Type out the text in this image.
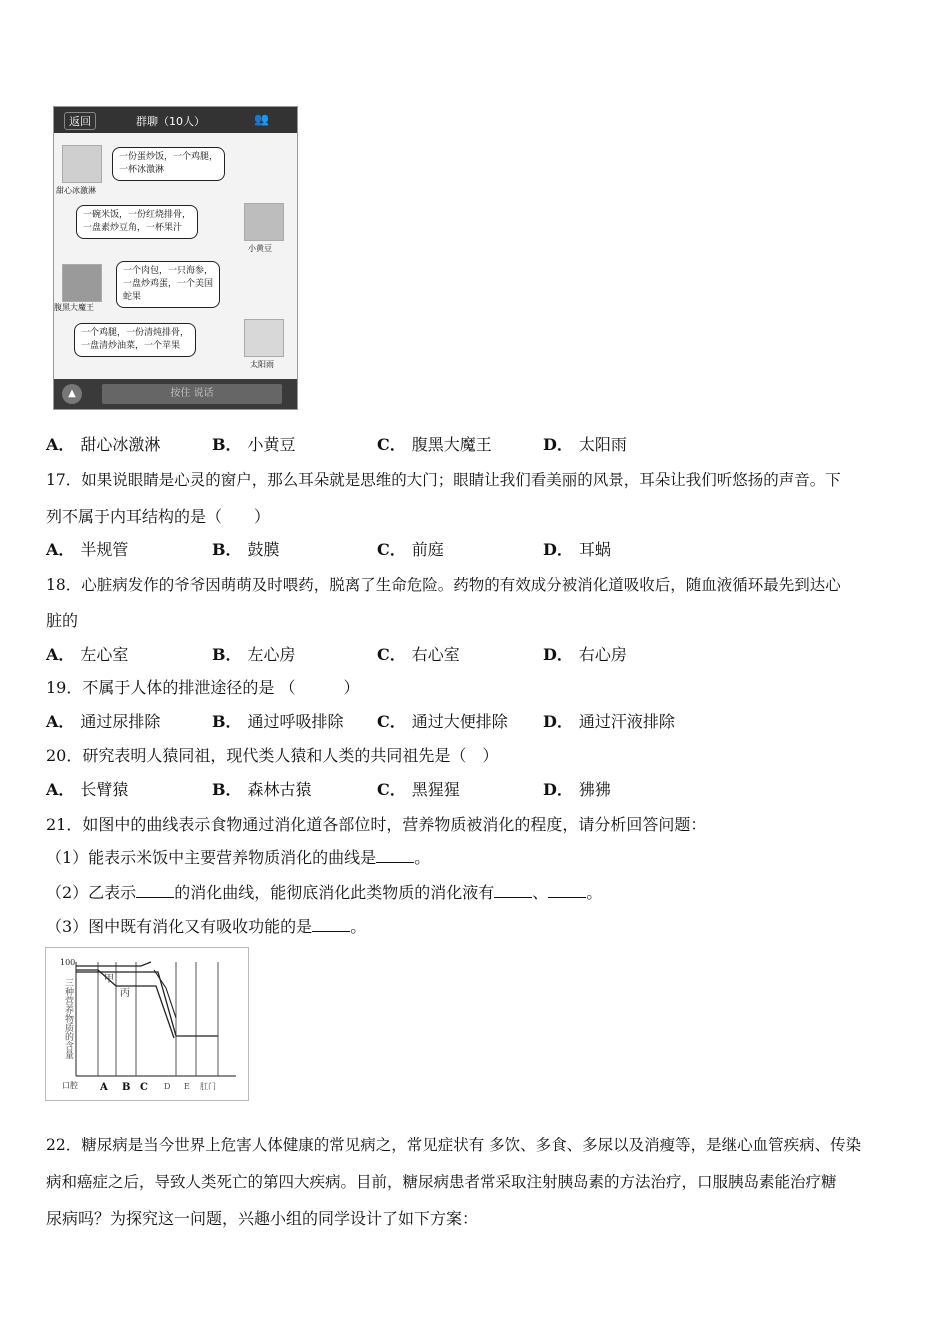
返回	群聊（10人）	👥
甜心冰激淋
一份蛋炒饭，一个鸡腿，
一杯冰激淋
一碗米饭，一份红烧排骨，
一盘素炒豆角，一杯果汁
小黄豆
腹黑大魔王
一个肉包，一只海参，
一盘炒鸡蛋，一个美国
蛇果
一个鸡腿，一份清炖排骨，
一盘清炒油菜，一个苹果
太阳雨
▲	按住 说话
A． 甜心冰激淋	B． 小黄豆	C． 腹黑大魔王	D． 太阳雨
17．如果说眼睛是心灵的窗户，那么耳朵就是思维的大门；眼睛让我们看美丽的风景，耳朵让我们听悠扬的声音。下
列不属于内耳结构的是（　　）
A． 半规管	B． 鼓膜	C． 前庭	D． 耳蜗
18．心脏病发作的爷爷因萌萌及时喂药，脱离了生命危险。药物的有效成分被消化道吸收后，随血液循环最先到达心
脏的
A． 左心室	B． 左心房	C． 右心室	D． 右心房
19．不属于人体的排泄途径的是 （　　　）
A． 通过尿排除	B． 通过呼吸排除 C． 通过大便排除 D． 通过汗液排除
20．研究表明人猿同祖，现代类人猿和人类的共同祖先是（　）
A． 长臂猿	B． 森林古猿	C． 黑猩猩	D． 狒狒
21．如图中的曲线表示食物通过消化道各部位时，营养物质被消化的程度，请分析回答问题：
（1）能表示米饭中主要营养物质消化的曲线是 。
（2）乙表示 的消化曲线，能彻底消化此类物质的消化液有 、 。
（3）图中既有消化又有吸收功能的是 。
100
三种营养物质的含量	甲
丙
口腔 A B C D E 肛门
22．糖尿病是当今世界上危害人体健康的常见病之，常见症状有 多饮、多食、多尿以及消瘦等，是继心血管疾病、传染
病和癌症之后，导致人类死亡的第四大疾病。目前，糖尿病患者常采取注射胰岛素的方法治疗，口服胰岛素能治疗糖
尿病吗？为探究这一问题，兴趣小组的同学设计了如下方案：
